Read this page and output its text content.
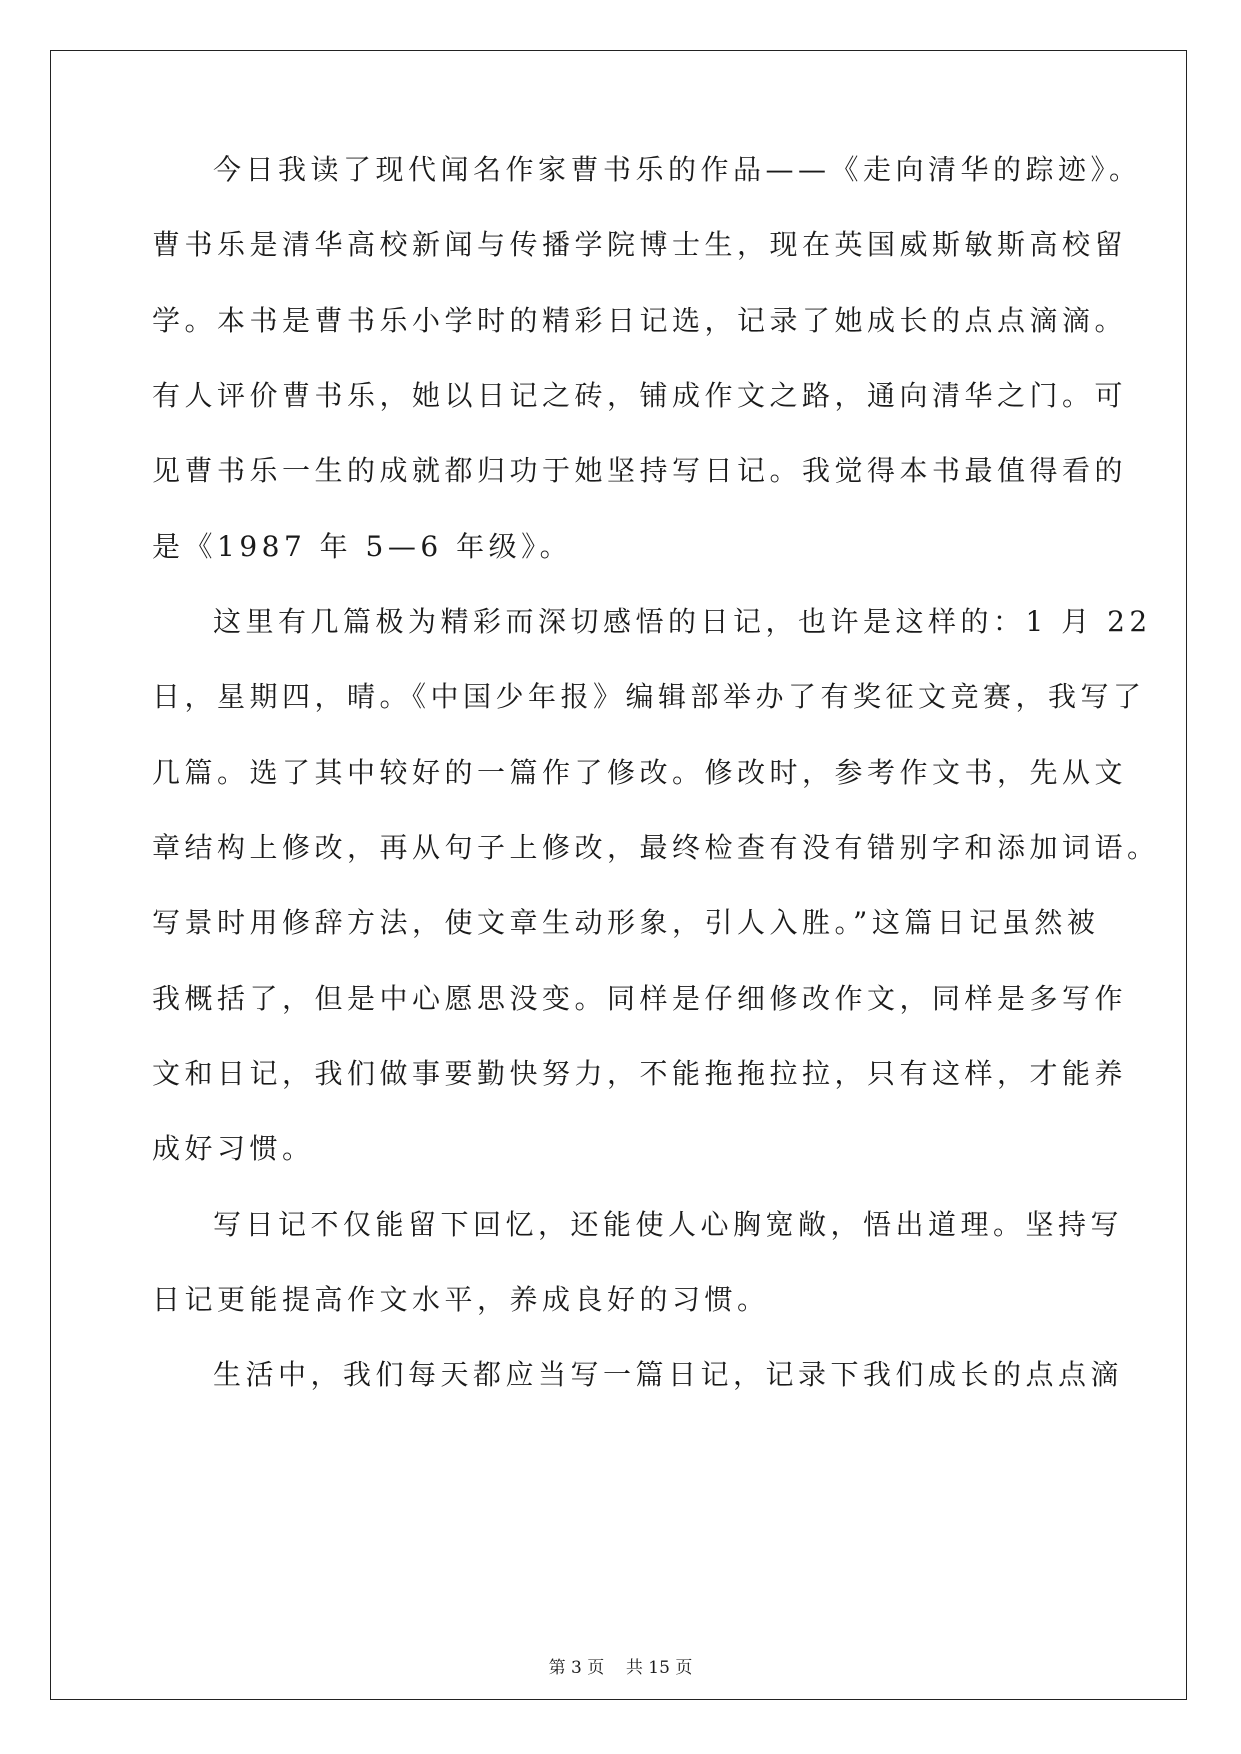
今日我读了现代闻名作家曹书乐的作品——《走向清华的踪迹》。
曹书乐是清华高校新闻与传播学院博士生，现在英国威斯敏斯高校留
学。本书是曹书乐小学时的精彩日记选，记录了她成长的点点滴滴。
有人评价曹书乐，她以日记之砖，铺成作文之路，通向清华之门。可
见曹书乐一生的成就都归功于她坚持写日记。我觉得本书最值得看的
是《1987 年 5—6 年级》。
这里有几篇极为精彩而深切感悟的日记，也许是这样的：1 月 22
日，星期四，晴。《中国少年报》编辑部举办了有奖征文竞赛，我写了
几篇。选了其中较好的一篇作了修改。修改时，参考作文书，先从文
章结构上修改，再从句子上修改，最终检查有没有错别字和添加词语。
写景时用修辞方法，使文章生动形象，引人入胜。”这篇日记虽然被
我概括了，但是中心愿思没变。同样是仔细修改作文，同样是多写作
文和日记，我们做事要勤快努力，不能拖拖拉拉，只有这样，才能养
成好习惯。
写日记不仅能留下回忆，还能使人心胸宽敞，悟出道理。坚持写
日记更能提高作文水平，养成良好的习惯。
生活中，我们每天都应当写一篇日记，记录下我们成长的点点滴
第 3 页 共 15 页
